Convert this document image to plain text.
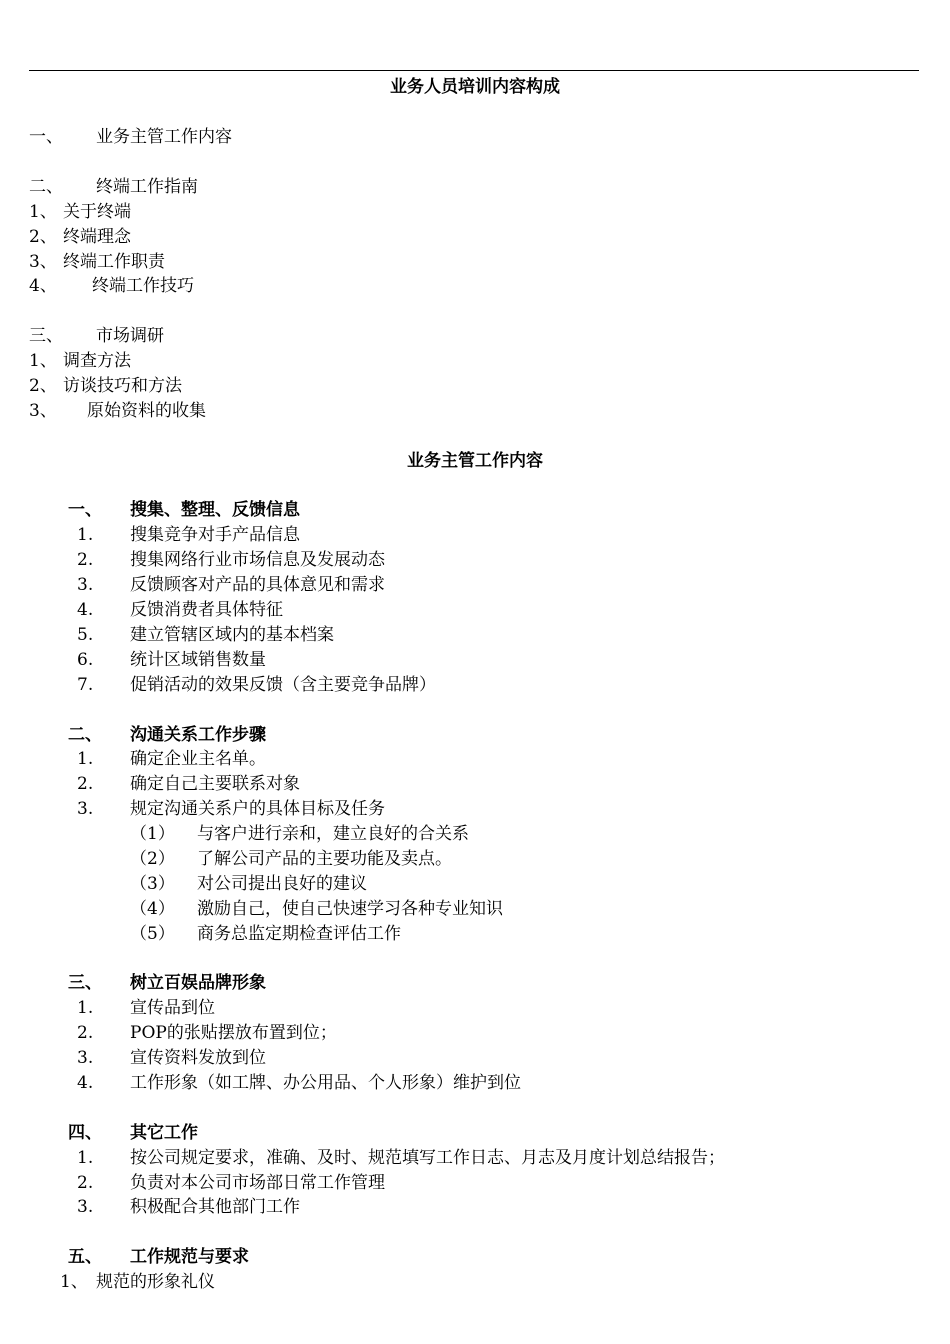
业务人员培训内容构成
一、 业务主管工作内容
二、 终端工作指南
1、 关于终端
2、 终端理念
3、 终端工作职责
4、 终端工作技巧
三、 市场调研
1、 调查方法
2、 访谈技巧和方法
3、 原始资料的收集
业务主管工作内容
一、 搜集、整理、反馈信息
1. 搜集竞争对手产品信息
2. 搜集网络行业市场信息及发展动态
3. 反馈顾客对产品的具体意见和需求
4. 反馈消费者具体特征
5. 建立管辖区域内的基本档案
6. 统计区域销售数量
7. 促销活动的效果反馈（含主要竞争品牌）
二、 沟通关系工作步骤
1. 确定企业主名单。
2. 确定自己主要联系对象
3. 规定沟通关系户的具体目标及任务
（1） 与客户进行亲和，建立良好的合关系
（2） 了解公司产品的主要功能及卖点。
（3） 对公司提出良好的建议
（4） 激励自己，使自己快速学习各种专业知识
（5） 商务总监定期检查评估工作
三、 树立百娱品牌形象
1. 宣传品到位
2. POP的张贴摆放布置到位；
3. 宣传资料发放到位
4. 工作形象（如工牌、办公用品、个人形象）维护到位
四、 其它工作
1. 按公司规定要求，准确、及时、规范填写工作日志、月志及月度计划总结报告；
2. 负责对本公司市场部日常工作管理
3. 积极配合其他部门工作
五、 工作规范与要求
1、 规范的形象礼仪
